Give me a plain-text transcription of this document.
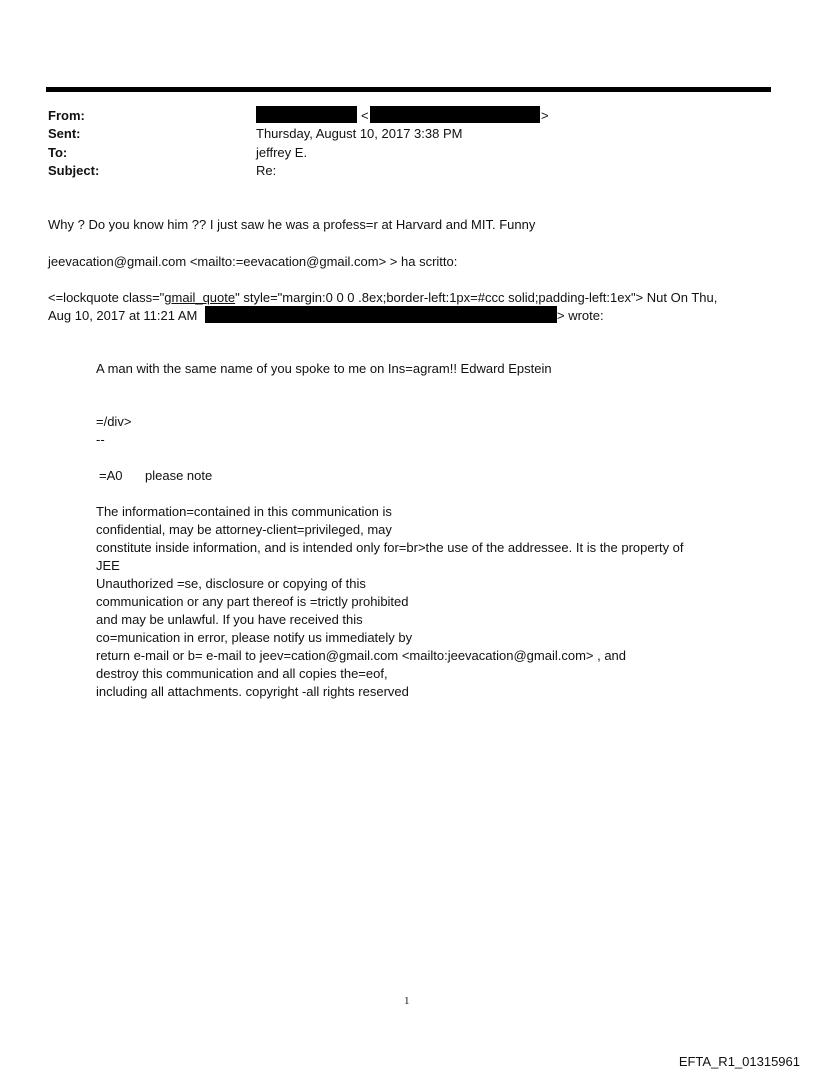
From:
Sent:
To:
Subject:
<	>
Thursday, August 10, 2017 3:38 PM
jeffrey E.
Re:
Why ? Do you know him ?? I just saw he was a profess=r at Harvard and MIT. Funny
jeevacation@gmail.com <mailto:=eevacation@gmail.com> > ha scritto:
<=lockquote class="gmail_quote" style="margin:0 0 0 .8ex;border-left:1px=#ccc solid;padding-left:1ex"> Nut On Thu,
Aug 10, 2017 at 11:21 AM	> wrote:
A man with the same name of you spoke to me on Ins=agram!! Edward Epstein
=/div>
--
=A0 please note
The information=contained in this communication is
confidential, may be attorney-client=privileged, may
constitute inside information, and is intended only for=br>the use of the addressee. It is the property of
JEE
Unauthorized =se, disclosure or copying of this
communication or any part thereof is =trictly prohibited
and may be unlawful. If you have received this
co=munication in error, please notify us immediately by
return e-mail or b= e-mail to jeev=cation@gmail.com <mailto:jeevacation@gmail.com> , and
destroy this communication and all copies the=eof,
including all attachments. copyright -all rights reserved
1
EFTA_R1_01315961
